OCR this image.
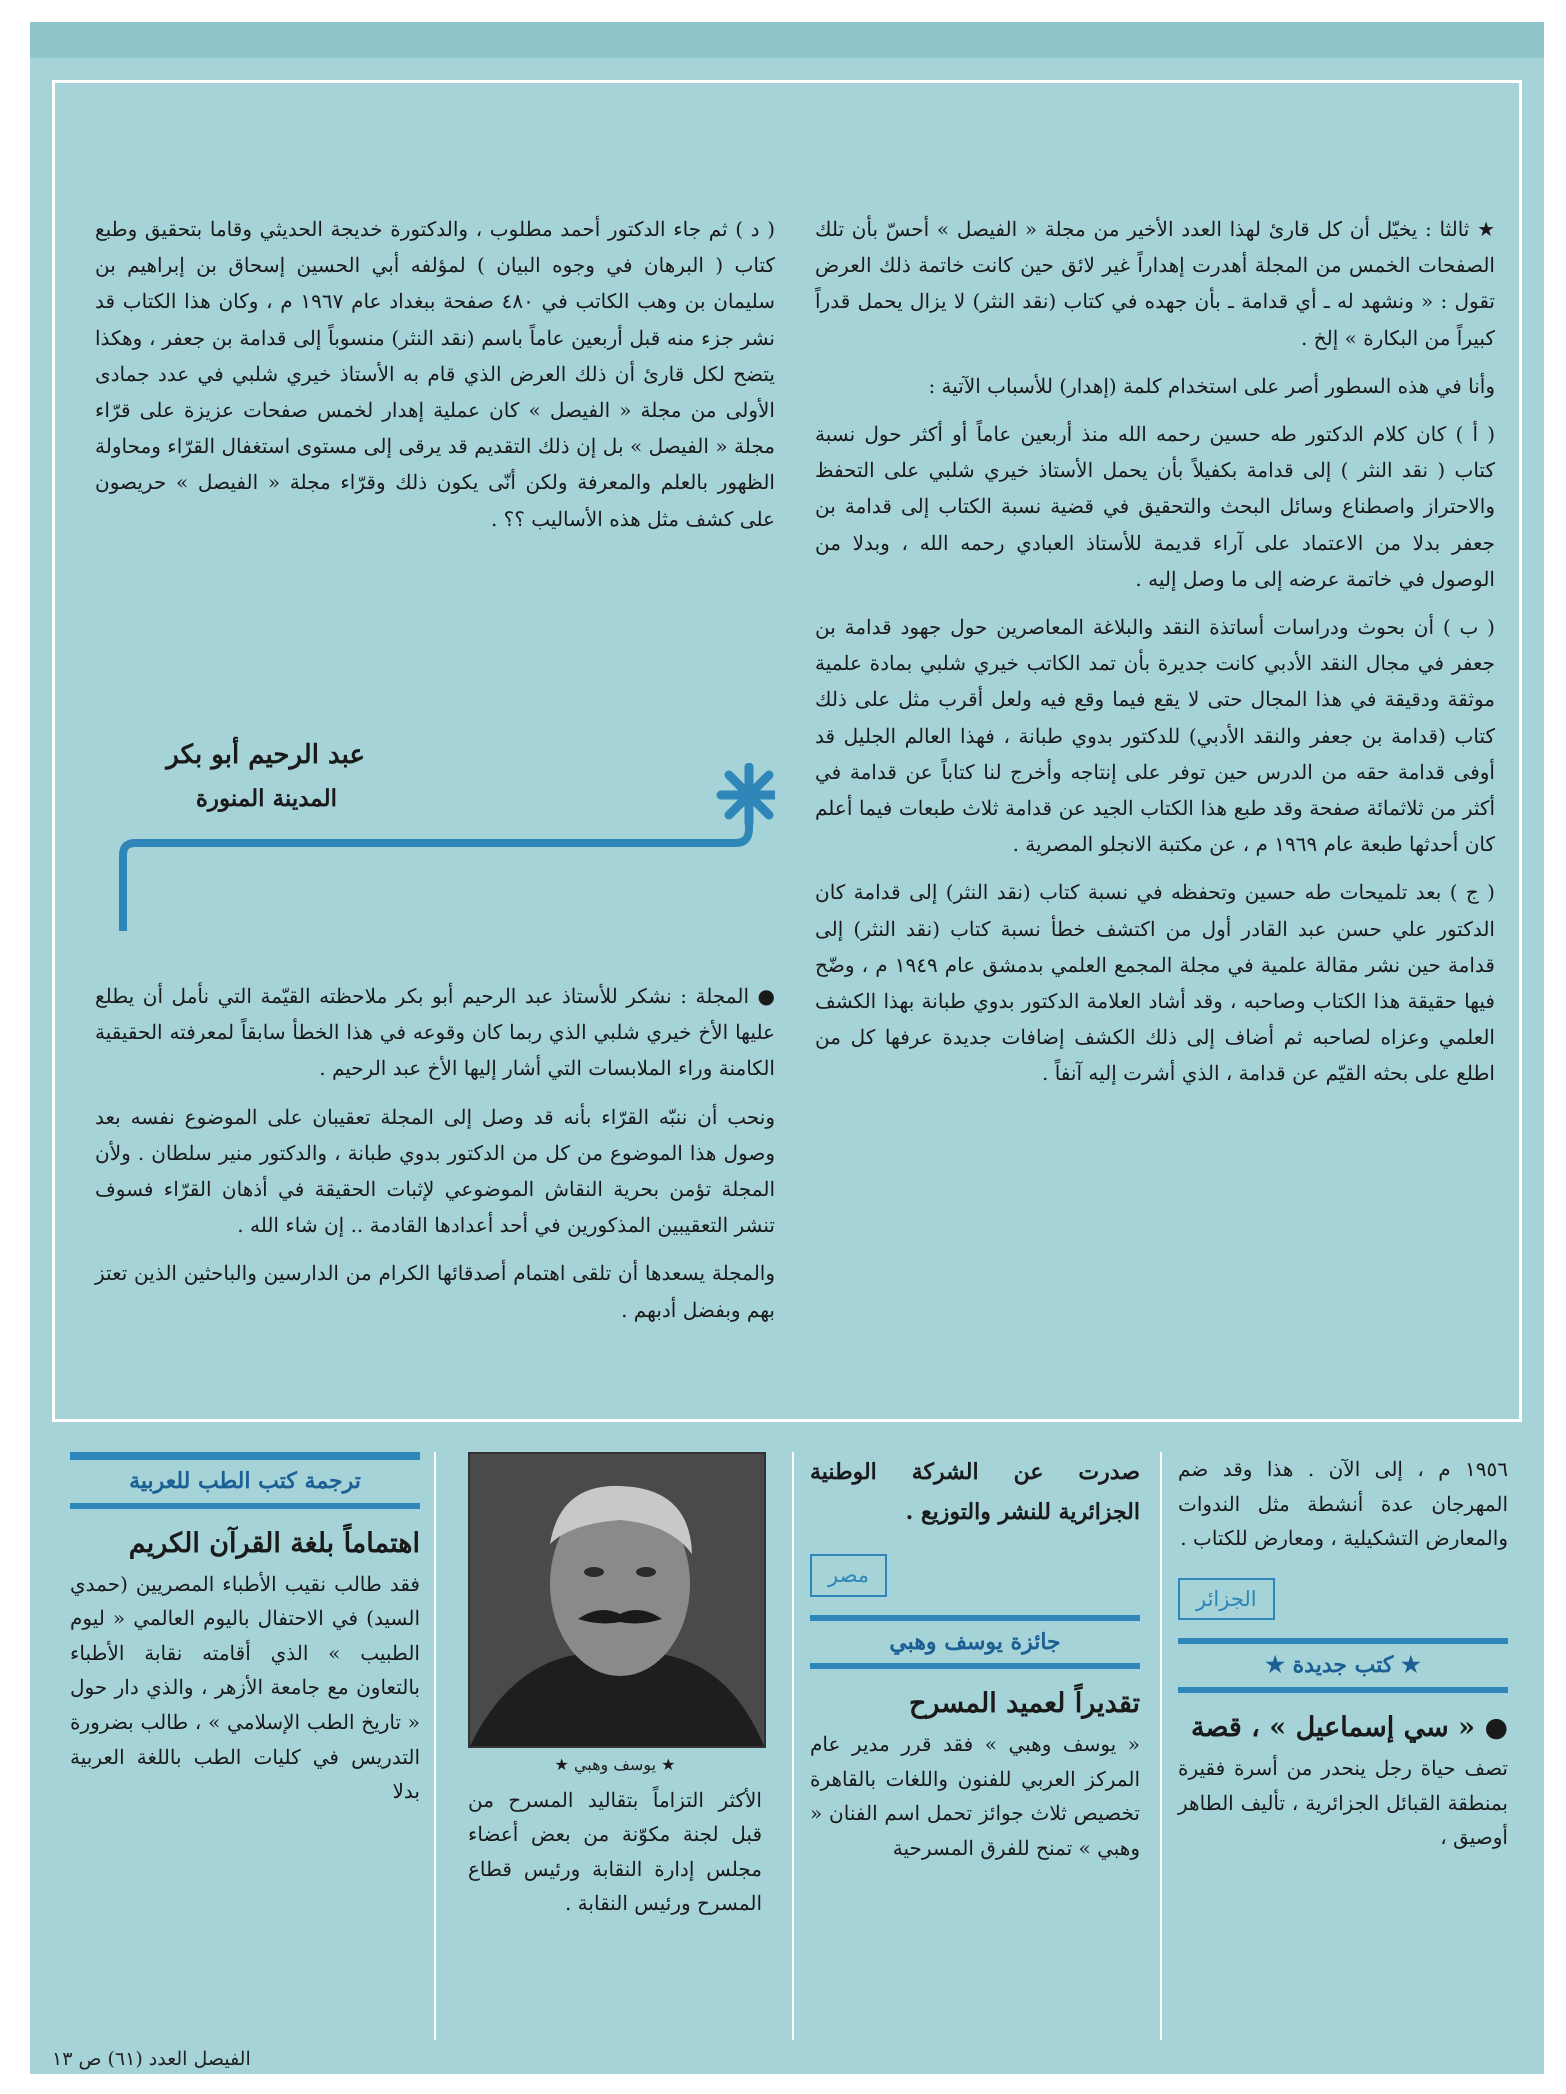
★ ثالثا : يخيّل أن كل قارئ لهذا العدد الأخير من مجلة « الفيصل » أحسّ بأن تلك الصفحات الخمس من المجلة أهدرت إهداراً غير لائق حين كانت خاتمة ذلك العرض تقول : « ونشهد له ـ أي قدامة ـ بأن جهده في كتاب (نقد النثر) لا يزال يحمل قدراً كبيراً من البكارة » إلخ .

وأنا في هذه السطور أصر على استخدام كلمة (إهدار) للأسباب الآتية :

( أ ) كان كلام الدكتور طه حسين رحمه الله منذ أربعين عاماً أو أكثر حول نسبة كتاب ( نقد النثر ) إلى قدامة بكفيلاً بأن يحمل الأستاذ خيري شلبي على التحفظ والاحتراز واصطناع وسائل البحث والتحقيق في قضية نسبة الكتاب إلى قدامة بن جعفر بدلا من الاعتماد على آراء قديمة للأستاذ العبادي رحمه الله ، وبدلا من الوصول في خاتمة عرضه إلى ما وصل إليه .

( ب ) أن بحوث ودراسات أساتذة النقد والبلاغة المعاصرين حول جهود قدامة بن جعفر في مجال النقد الأدبي كانت جديرة بأن تمد الكاتب خيري شلبي بمادة علمية موثقة ودقيقة في هذا المجال حتى لا يقع فيما وقع فيه ولعل أقرب مثل على ذلك كتاب (قدامة بن جعفر والنقد الأدبي) للدكتور بدوي طبانة ، فهذا العالم الجليل قد أوفى قدامة حقه من الدرس حين توفر على إنتاجه وأخرج لنا كتاباً عن قدامة في أكثر من ثلاثمائة صفحة وقد طبع هذا الكتاب الجيد عن قدامة ثلاث طبعات فيما أعلم كان أحدثها طبعة عام ١٩٦٩ م ، عن مكتبة الانجلو المصرية .

( ج ) بعد تلميحات طه حسين وتحفظه في نسبة كتاب (نقد النثر) إلى قدامة كان الدكتور علي حسن عبد القادر أول من اكتشف خطأ نسبة كتاب (نقد النثر) إلى قدامة حين نشر مقالة علمية في مجلة المجمع العلمي بدمشق عام ١٩٤٩ م ، وضّح فيها حقيقة هذا الكتاب وصاحبه ، وقد أشاد العلامة الدكتور بدوي طبانة بهذا الكشف العلمي وعزاه لصاحبه ثم أضاف إلى ذلك الكشف إضافات جديدة عرفها كل من اطلع على بحثه القيّم عن قدامة ، الذي أشرت إليه آنفاً .

( د ) ثم جاء الدكتور أحمد مطلوب ، والدكتورة خديجة الحديثي وقاما بتحقيق وطبع كتاب ( البرهان في وجوه البيان ) لمؤلفه أبي الحسين إسحاق بن إبراهيم بن سليمان بن وهب الكاتب في ٤٨٠ صفحة ببغداد عام ١٩٦٧ م ، وكان هذا الكتاب قد نشر جزء منه قبل أربعين عاماً باسم (نقد النثر) منسوباً إلى قدامة بن جعفر ، وهكذا يتضح لكل قارئ أن ذلك العرض الذي قام به الأستاذ خيري شلبي في عدد جمادى الأولى من مجلة « الفيصل » كان عملية إهدار لخمس صفحات عزيزة على قرّاء مجلة « الفيصل » بل إن ذلك التقديم قد يرقى إلى مستوى استغفال القرّاء ومحاولة الظهور بالعلم والمعرفة ولكن أنّى يكون ذلك وقرّاء مجلة « الفيصل » حريصون على كشف مثل هذه الأساليب ؟؟ .

عبد الرحيم أبو بكر
المدينة المنورة

● المجلة : نشكر للأستاذ عبد الرحيم أبو بكر ملاحظته القيّمة التي نأمل أن يطلع عليها الأخ خيري شلبي الذي ربما كان وقوعه في هذا الخطأ سابقاً لمعرفته الحقيقية الكامنة وراء الملابسات التي أشار إليها الأخ عبد الرحيم .

ونحب أن ننبّه القرّاء بأنه قد وصل إلى المجلة تعقيبان على الموضوع نفسه بعد وصول هذا الموضوع من كل من الدكتور بدوي طبانة ، والدكتور منير سلطان . ولأن المجلة تؤمن بحرية النقاش الموضوعي لإثبات الحقيقة في أذهان القرّاء فسوف تنشر التعقيبين المذكورين في أحد أعدادها القادمة .. إن شاء الله .

والمجلة يسعدها أن تلقى اهتمام أصدقائها الكرام من الدارسين والباحثين الذين تعتز بهم وبفضل أدبهم .

١٩٥٦ م ، إلى الآن . هذا وقد ضم المهرجان عدة أنشطة مثل الندوات والمعارض التشكيلية ، ومعارض للكتاب .

الجزائر
★ كتب جديدة ★

● « سي إسماعيل » ، قصة

تصف حياة رجل ينحدر من أسرة فقيرة بمنطقة القبائل الجزائرية ، تأليف الطاهر أوصيق ،

صدرت عن الشركة الوطنية الجزائرية للنشر والتوزيع .

مصر
جائزة يوسف وهبي

تقديراً لعميد المسرح

« يوسف وهبي » فقد قرر مدير عام المركز العربي للفنون واللغات بالقاهرة تخصيص ثلاث جوائز تحمل اسم الفنان « وهبي » تمنح للفرق المسرحية

★ يوسف وهبي ★

الأكثر التزاماً بتقاليد المسرح من قبل لجنة مكوّنة من بعض أعضاء مجلس إدارة النقابة ورئيس قطاع المسرح ورئيس النقابة .

ترجمة كتب الطب للعربية

اهتماماً بلغة القرآن الكريم

فقد طالب نقيب الأطباء المصريين (حمدي السيد) في الاحتفال باليوم العالمي « ليوم الطبيب » الذي أقامته نقابة الأطباء بالتعاون مع جامعة الأزهر ، والذي دار حول « تاريخ الطب الإسلامي » ، طالب بضرورة التدريس في كليات الطب باللغة العربية بدلا

الفيصل العدد (٦١) ص ١٣
